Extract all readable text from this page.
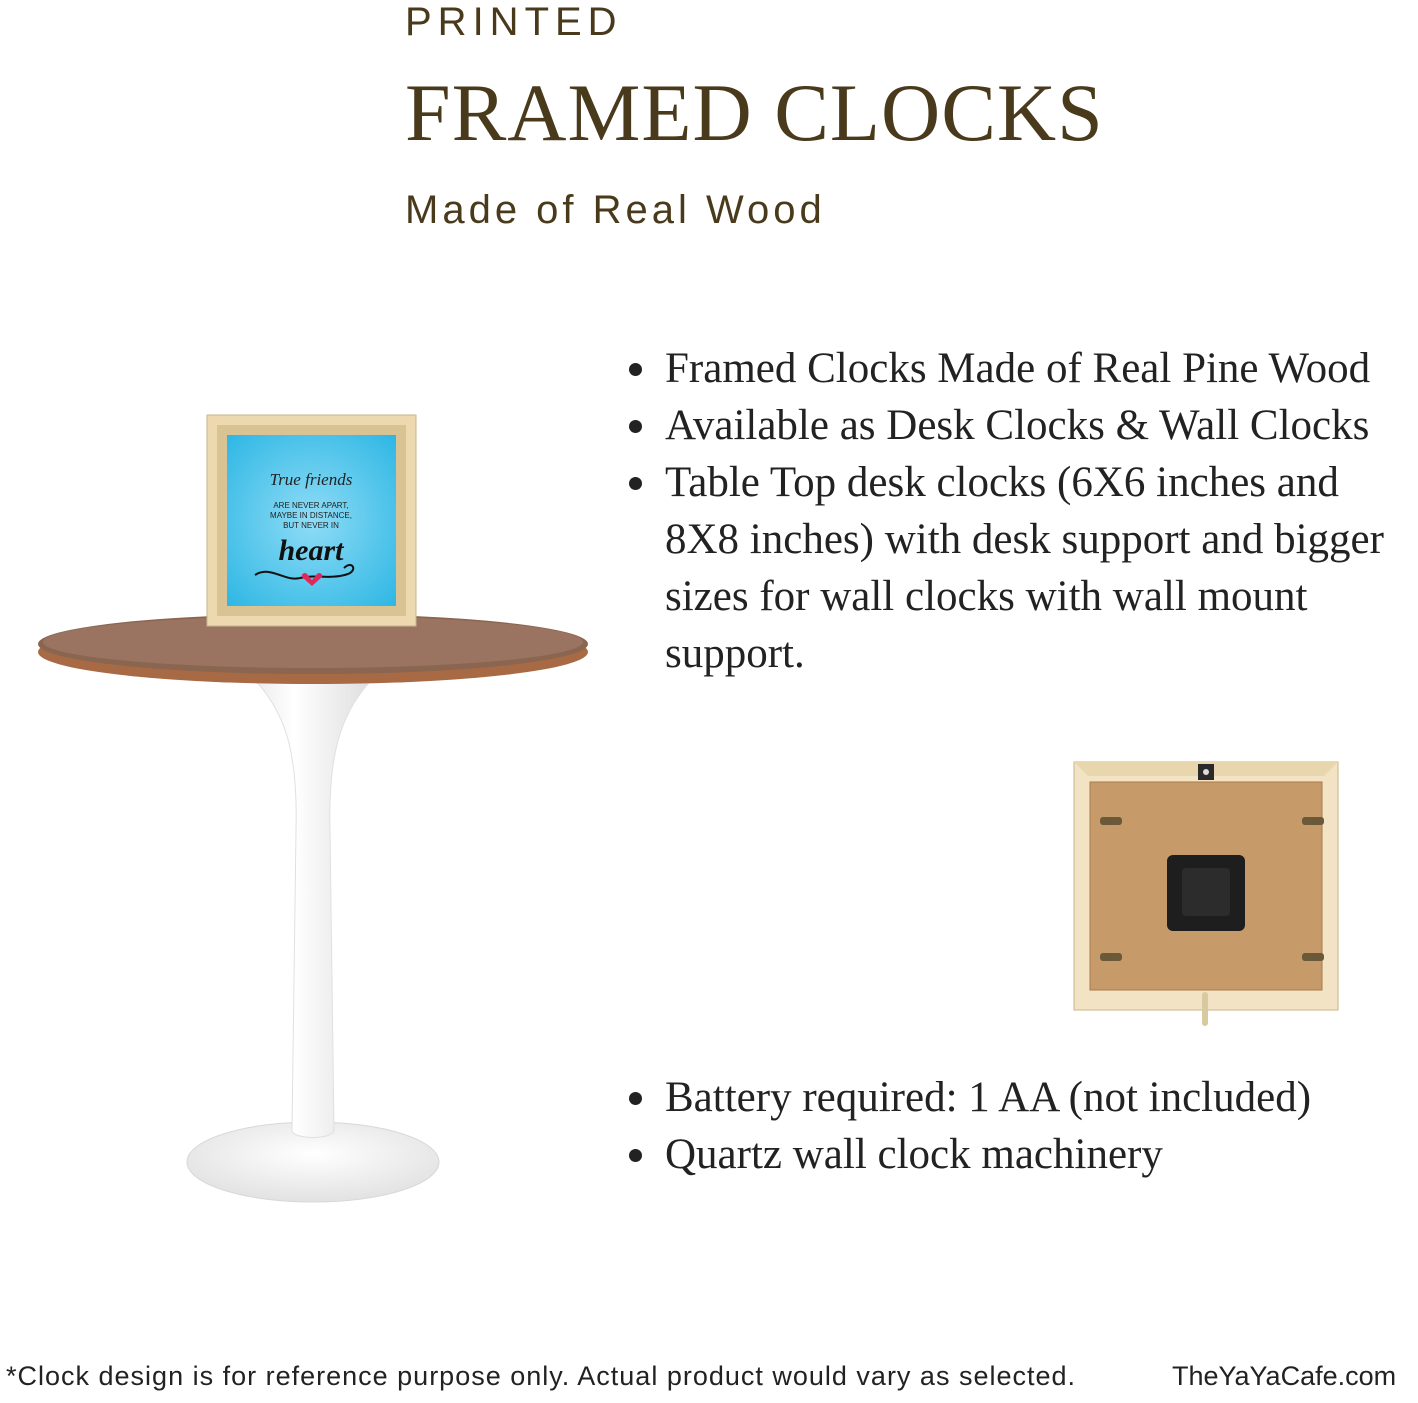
PRINTED
FRAMED CLOCKS
Made of Real Wood
True friends
ARE NEVER APART,
MAYBE IN DISTANCE,
BUT NEVER IN
heart
Framed Clocks Made of Real Pine Wood
Available as Desk Clocks & Wall Clocks
Table Top desk clocks (6X6 inches and 8X8 inches) with desk support and bigger sizes for wall clocks with wall mount support.
Battery required: 1 AA (not included)
Quartz wall clock machinery
*Clock design is for reference purpose only. Actual product would vary as selected.	TheYaYaCafe.com
